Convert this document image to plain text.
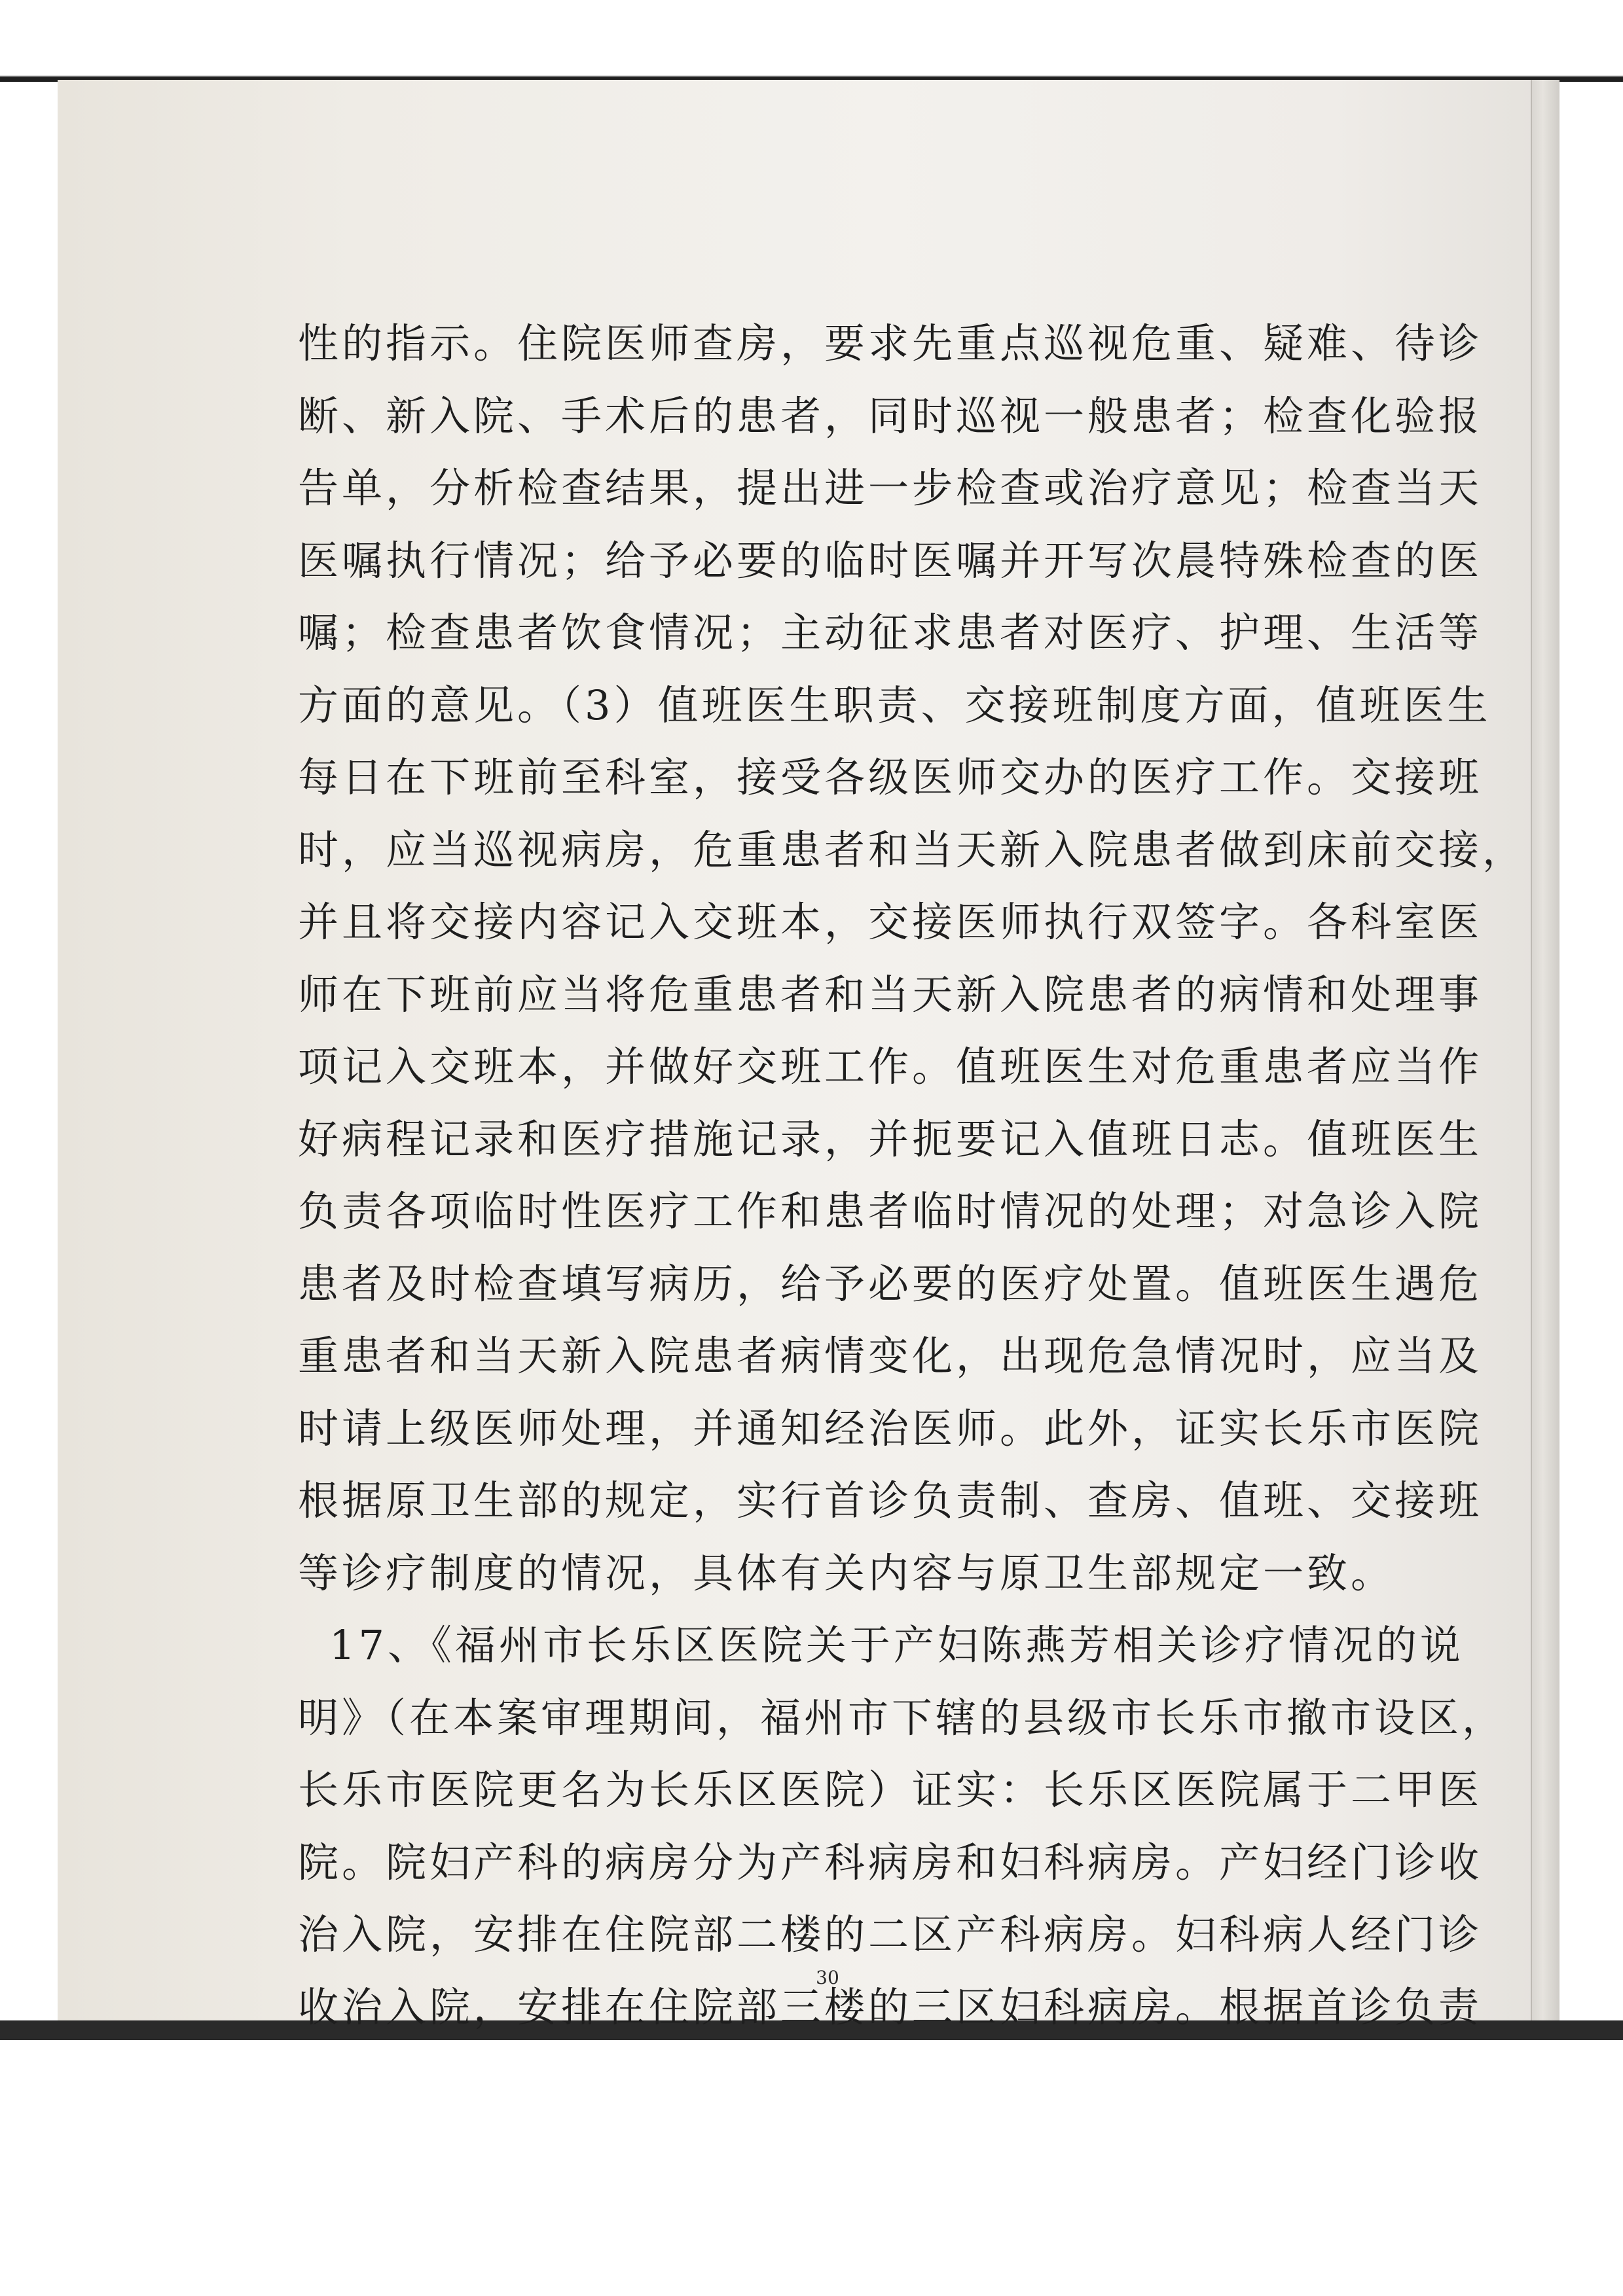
性的指示。住院医师查房，要求先重点巡视危重、疑难、待诊
断、新入院、手术后的患者，同时巡视一般患者；检查化验报
告单，分析检查结果，提出进一步检查或治疗意见；检查当天
医嘱执行情况；给予必要的临时医嘱并开写次晨特殊检查的医
嘱；检查患者饮食情况；主动征求患者对医疗、护理、生活等
方面的意见。（3）值班医生职责、交接班制度方面，值班医生
每日在下班前至科室，接受各级医师交办的医疗工作。交接班
时，应当巡视病房，危重患者和当天新入院患者做到床前交接，
并且将交接内容记入交班本，交接医师执行双签字。各科室医
师在下班前应当将危重患者和当天新入院患者的病情和处理事
项记入交班本，并做好交班工作。值班医生对危重患者应当作
好病程记录和医疗措施记录，并扼要记入值班日志。值班医生
负责各项临时性医疗工作和患者临时情况的处理；对急诊入院
患者及时检查填写病历，给予必要的医疗处置。值班医生遇危
重患者和当天新入院患者病情变化，出现危急情况时，应当及
时请上级医师处理，并通知经治医师。此外，证实长乐市医院
根据原卫生部的规定，实行首诊负责制、查房、值班、交接班
等诊疗制度的情况，具体有关内容与原卫生部规定一致。
17、《福州市长乐区医院关于产妇陈燕芳相关诊疗情况的说
明》（在本案审理期间，福州市下辖的县级市长乐市撤市设区，
长乐市医院更名为长乐区医院）证实：长乐区医院属于二甲医
院。院妇产科的病房分为产科病房和妇科病房。产妇经门诊收
治入院，安排在住院部二楼的二区产科病房。妇科病人经门诊
收治入院，安排在住院部三楼的三区妇科病房。根据首诊负责
30
